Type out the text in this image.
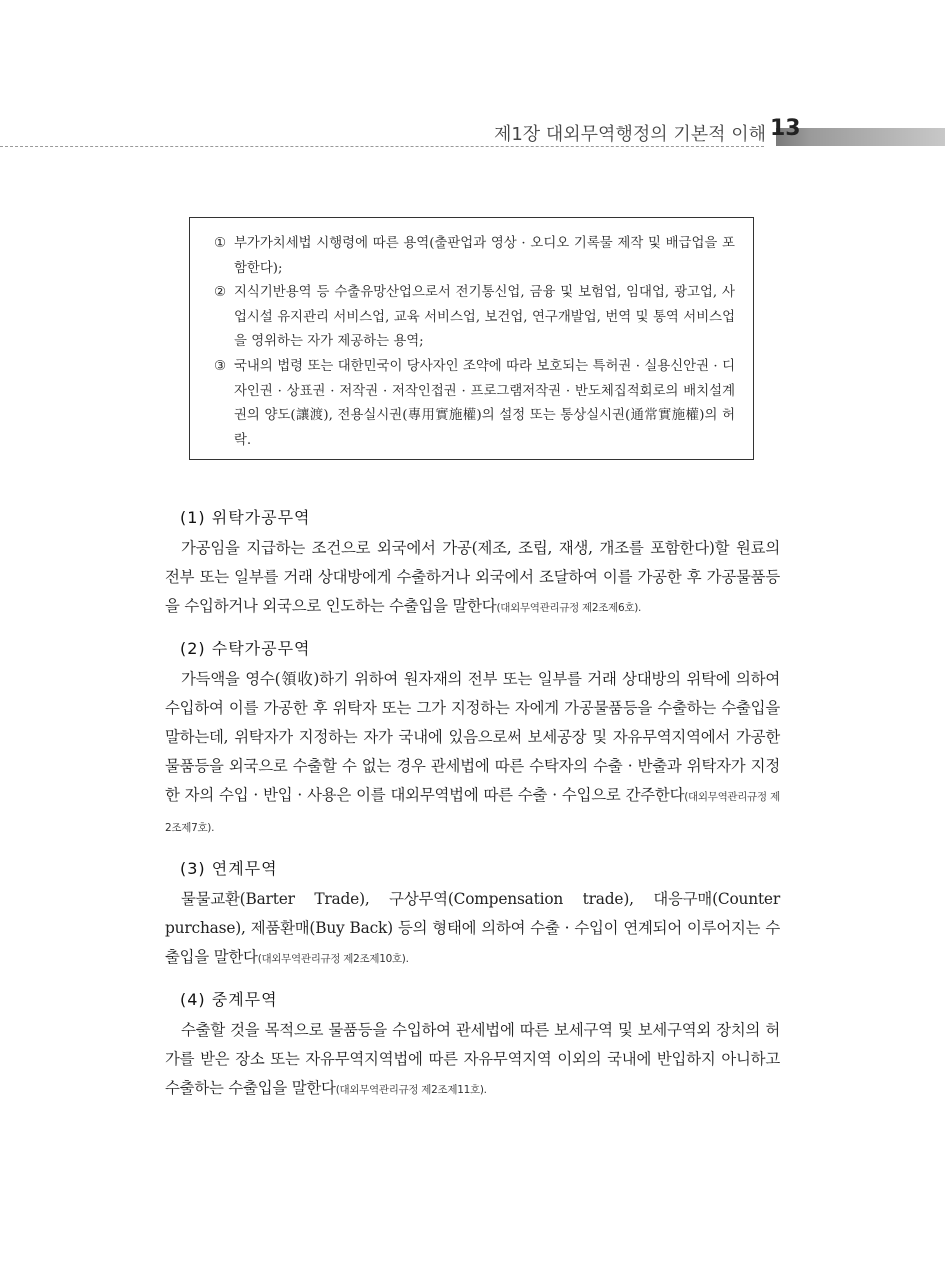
제1장 대외무역행정의 기본적 이해 13
① 부가가치세법 시행령에 따른 용역(출판업과 영상 · 오디오 기록물 제작 및 배급업을 포함한다);
② 지식기반용역 등 수출유망산업으로서 전기통신업, 금융 및 보험업, 임대업, 광고업, 사업시설 유지관리 서비스업, 교육 서비스업, 보건업, 연구개발업, 번역 및 통역 서비스업을 영위하는 자가 제공하는 용역;
③ 국내의 법령 또는 대한민국이 당사자인 조약에 따라 보호되는 특허권 · 실용신안권 · 디자인권 · 상표권 · 저작권 · 저작인접권 · 프로그램저작권 · 반도체집적회로의 배치설계권의 양도(讓渡), 전용실시권(專用實施權)의 설정 또는 통상실시권(通常實施權)의 허락.
(1) 위탁가공무역

가공임을 지급하는 조건으로 외국에서 가공(제조, 조립, 재생, 개조를 포함한다)할 원료의 전부 또는 일부를 거래 상대방에게 수출하거나 외국에서 조달하여 이를 가공한 후 가공물품등을 수입하거나 외국으로 인도하는 수출입을 말한다(대외무역관리규정 제2조제6호).

(2) 수탁가공무역

가득액을 영수(領收)하기 위하여 원자재의 전부 또는 일부를 거래 상대방의 위탁에 의하여 수입하여 이를 가공한 후 위탁자 또는 그가 지정하는 자에게 가공물품등을 수출하는 수출입을 말하는데, 위탁자가 지정하는 자가 국내에 있음으로써 보세공장 및 자유무역지역에서 가공한 물품등을 외국으로 수출할 수 없는 경우 관세법에 따른 수탁자의 수출 · 반출과 위탁자가 지정한 자의 수입 · 반입 · 사용은 이를 대외무역법에 따른 수출 · 수입으로 간주한다(대외무역관리규정 제2조제7호).

(3) 연계무역

물물교환(Barter Trade), 구상무역(Compensation trade), 대응구매(Counter purchase), 제품환매(Buy Back) 등의 형태에 의하여 수출 · 수입이 연계되어 이루어지는 수출입을 말한다(대외무역관리규정 제2조제10호).

(4) 중계무역

수출할 것을 목적으로 물품등을 수입하여 관세법에 따른 보세구역 및 보세구역외 장치의 허가를 받은 장소 또는 자유무역지역법에 따른 자유무역지역 이외의 국내에 반입하지 아니하고 수출하는 수출입을 말한다(대외무역관리규정 제2조제11호).
